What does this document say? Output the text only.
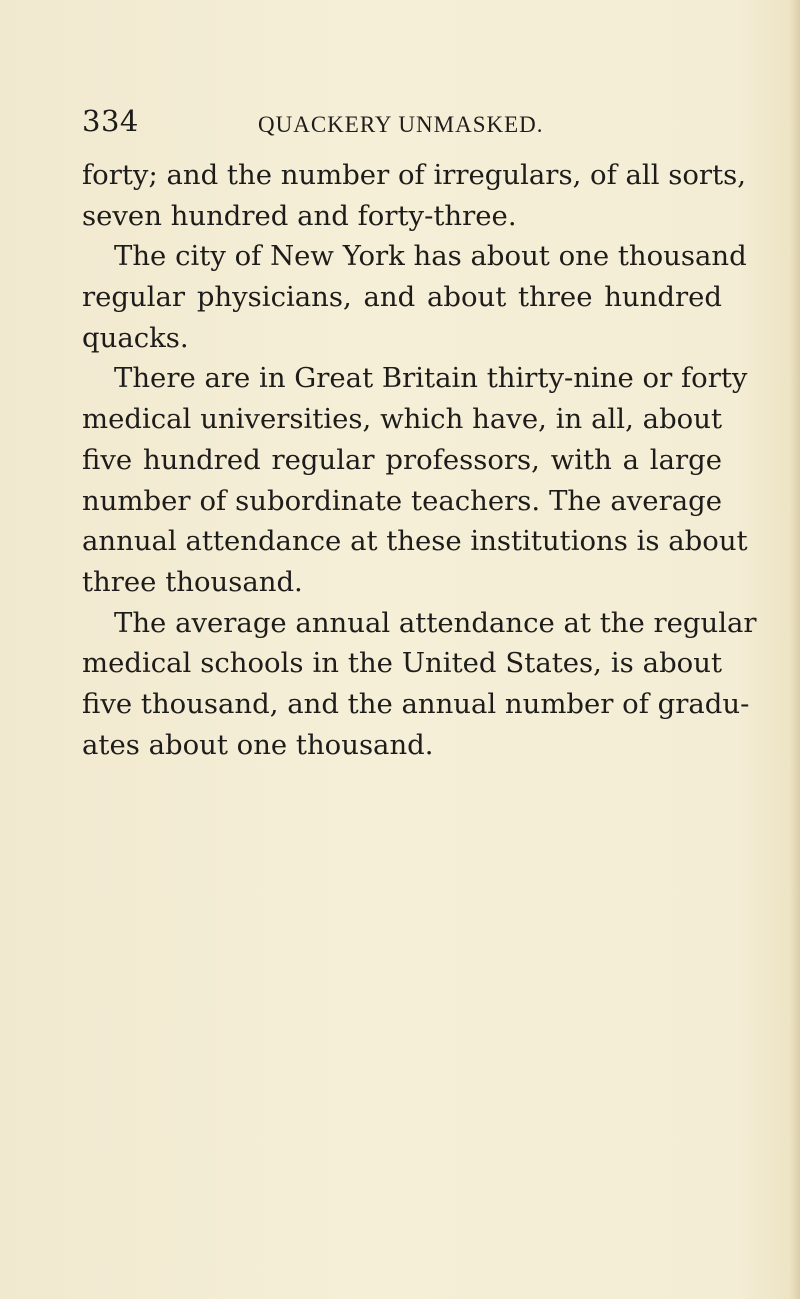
334	QUACKERY UNMASKED.
forty; and the number of irregulars, of all sorts,
seven hundred and forty-three.
The city of New York has about one thousand
regular physicians, and about three hundred
quacks.
There are in Great Britain thirty-nine or forty
medical universities, which have, in all, about
five hundred regular professors, with a large
number of subordinate teachers. The average
annual attendance at these institutions is about
three thousand.
The average annual attendance at the regular
medical schools in the United States, is about
five thousand, and the annual number of gradu-
ates about one thousand.
